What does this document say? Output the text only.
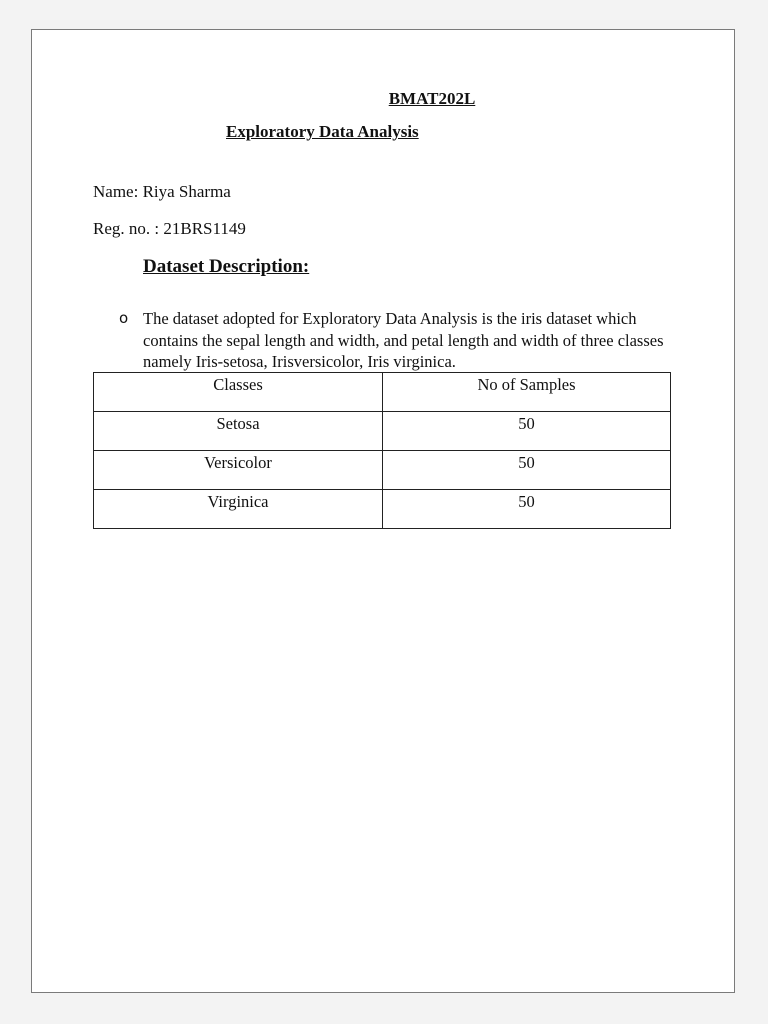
BMAT202L
Exploratory Data Analysis
Name: Riya Sharma
Reg. no. : 21BRS1149
Dataset Description:
o The dataset adopted for Exploratory Data Analysis is the iris dataset which contains the sepal length and width, and petal length and width of three classes namely Iris-setosa, Irisversicolor, Iris virginica.
Classes	No of Samples
Setosa	50
Versicolor	50
Virginica	50
